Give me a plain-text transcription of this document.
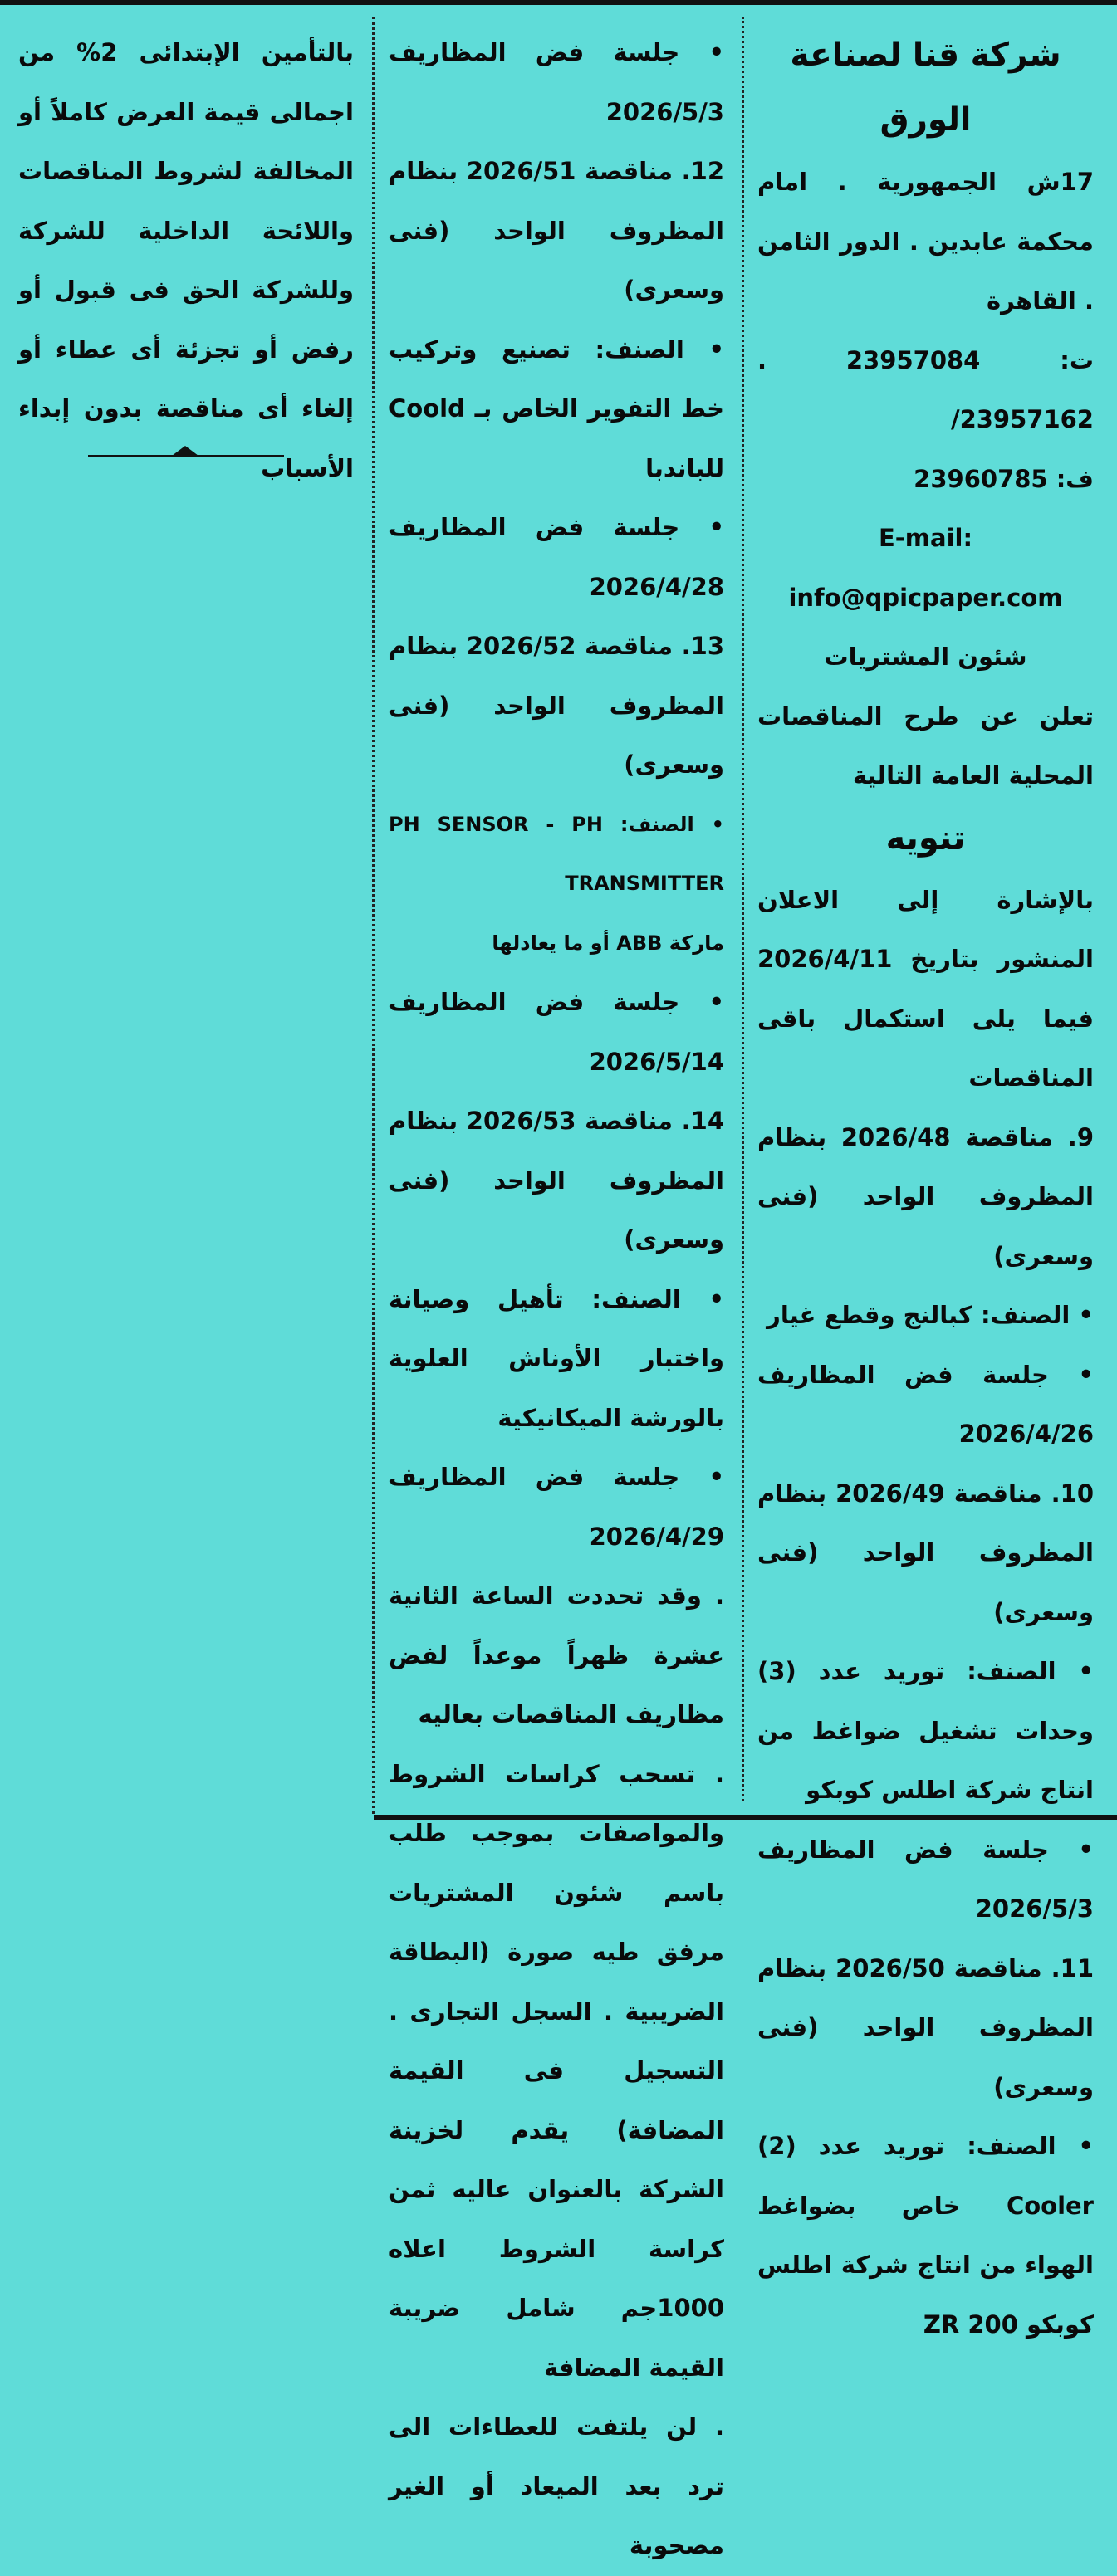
شركة قنا لصناعة الورق

17ش الجمهورية . امام محكمة عابدين . الدور الثامن . القاهرة

ت: 23957084 . 23957162/

ف: 23960785

E-mail: info@qpicpaper.com

شئون المشتريات

تعلن عن طرح المناقصات المحلية العامة التالية

تنويه

بالإشارة إلى الاعلان المنشور بتاريخ 2026/4/11 فيما يلى استكمال باقى المناقصات

9. مناقصة 2026/48 بنظام المظروف الواحد (فنى وسعرى)

• الصنف: كبالنج وقطع غيار

• جلسة فض المظاريف 2026/4/26

10. مناقصة 2026/49 بنظام المظروف الواحد (فنى وسعرى)

• الصنف: توريد عدد (3) وحدات تشغيل ضواغط من انتاج شركة اطلس كوبكو

• جلسة فض المظاريف 2026/5/3

11. مناقصة 2026/50 بنظام المظروف الواحد (فنى وسعرى)

• الصنف: توريد عدد (2) Cooler خاص بضواغط الهواء من انتاج شركة اطلس كوبكو ZR 200

• جلسة فض المظاريف 2026/5/3

12. مناقصة 2026/51 بنظام المظروف الواحد (فنى وسعرى)

• الصنف: تصنيع وتركيب خط التفوير الخاص بـ Coold للباندبا

• جلسة فض المظاريف 2026/4/28

13. مناقصة 2026/52 بنظام المظروف الواحد (فنى وسعرى)

• الصنف: PH SENSOR - PH TRANSMITTER

ماركة ABB أو ما يعادلها

• جلسة فض المظاريف 2026/5/14

14. مناقصة 2026/53 بنظام المظروف الواحد (فنى وسعرى)

• الصنف: تأهيل وصيانة واختبار الأوناش العلوية بالورشة الميكانيكية

• جلسة فض المظاريف 2026/4/29

. وقد تحددت الساعة الثانية عشرة ظهراً موعداً لفض مظاريف المناقصات بعاليه

. تسحب كراسات الشروط والمواصفات بموجب طلب باسم شئون المشتريات مرفق طيه صورة (البطاقة الضريبية . السجل التجارى . التسجيل فى القيمة المضافة) يقدم لخزينة الشركة بالعنوان عاليه ثمن كراسة الشروط اعلاه 1000جم شامل ضريبة القيمة المضافة

. لن يلتفت للعطاءات الى ترد بعد الميعاد أو الغير مصحوبة

بالتأمين الإبتدائى 2% من اجمالى قيمة العرض كاملاً أو المخالفة لشروط المناقصات واللائحة الداخلية للشركة وللشركة الحق فى قبول أو رفض أو تجزئة أى عطاء أو إلغاء أى مناقصة بدون إبداء الأسباب
